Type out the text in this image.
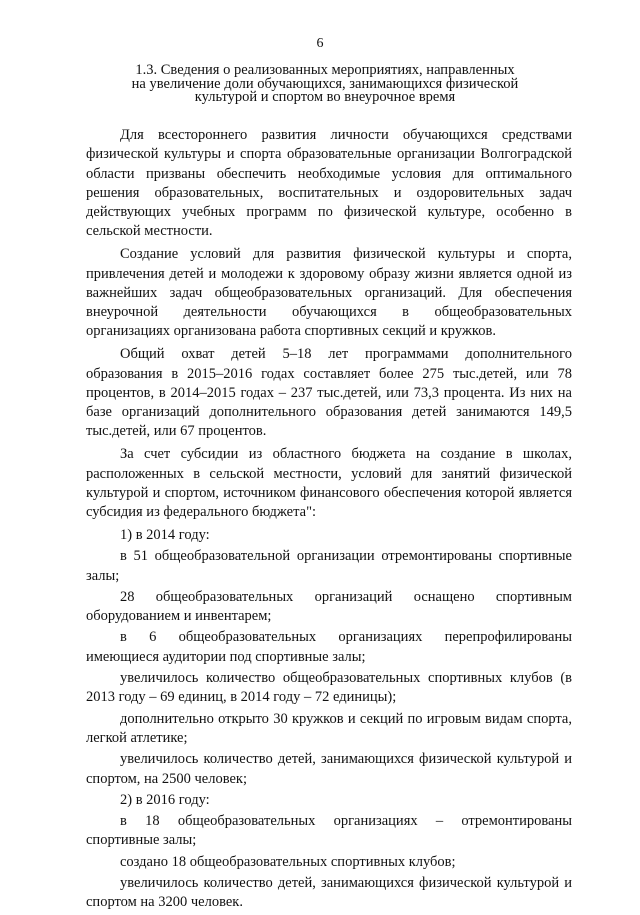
6
1.3. Сведения о реализованных мероприятиях, направленных
на увеличение доли обучающихся, занимающихся физической
культурой и спортом во внеурочное время

Для всестороннего развития личности обучающихся средствами физической культуры и спорта образовательные организации Волгоградской области призваны обеспечить необходимые условия для оптимального решения образовательных, воспитательных и оздоровительных задач действующих учебных программ по физической культуре, особенно в сельской местности.

Создание условий для развития физической культуры и спорта, привлечения детей и молодежи к здоровому образу жизни является одной из важнейших задач общеобразовательных организаций. Для обеспечения внеурочной деятельности обучающихся в общеобразовательных организациях организована работа спортивных секций и кружков.

Общий охват детей 5–18 лет программами дополнительного образования в 2015–2016 годах составляет более 275 тыс.детей, или 78 процентов, в 2014–2015 годах – 237 тыс.детей, или 73,3 процента. Из них на базе организаций дополнительного образования детей занимаются 149,5 тыс.детей, или 67 процентов.

За счет субсидии из областного бюджета на создание в школах, расположенных в сельской местности, условий для занятий физической культурой и спортом, источником финансового обеспечения которой является субсидия из федерального бюджета":

1) в 2014 году:

в 51 общеобразовательной организации отремонтированы спортивные залы;

28 общеобразовательных организаций оснащено спортивным оборудованием и инвентарем;

в 6 общеобразовательных организациях перепрофилированы имеющиеся аудитории под спортивные залы;

увеличилось количество общеобразовательных спортивных клубов (в 2013 году – 69 единиц, в 2014 году – 72 единицы);

дополнительно открыто 30 кружков и секций по игровым видам спорта, легкой атлетике;

увеличилось количество детей, занимающихся физической культурой и спортом, на 2500 человек;

2) в 2016 году:

в 18 общеобразовательных организациях – отремонтированы спортивные залы;

создано 18 общеобразовательных спортивных клубов;

увеличилось количество детей, занимающихся физической культурой и спортом на 3200 человек.
